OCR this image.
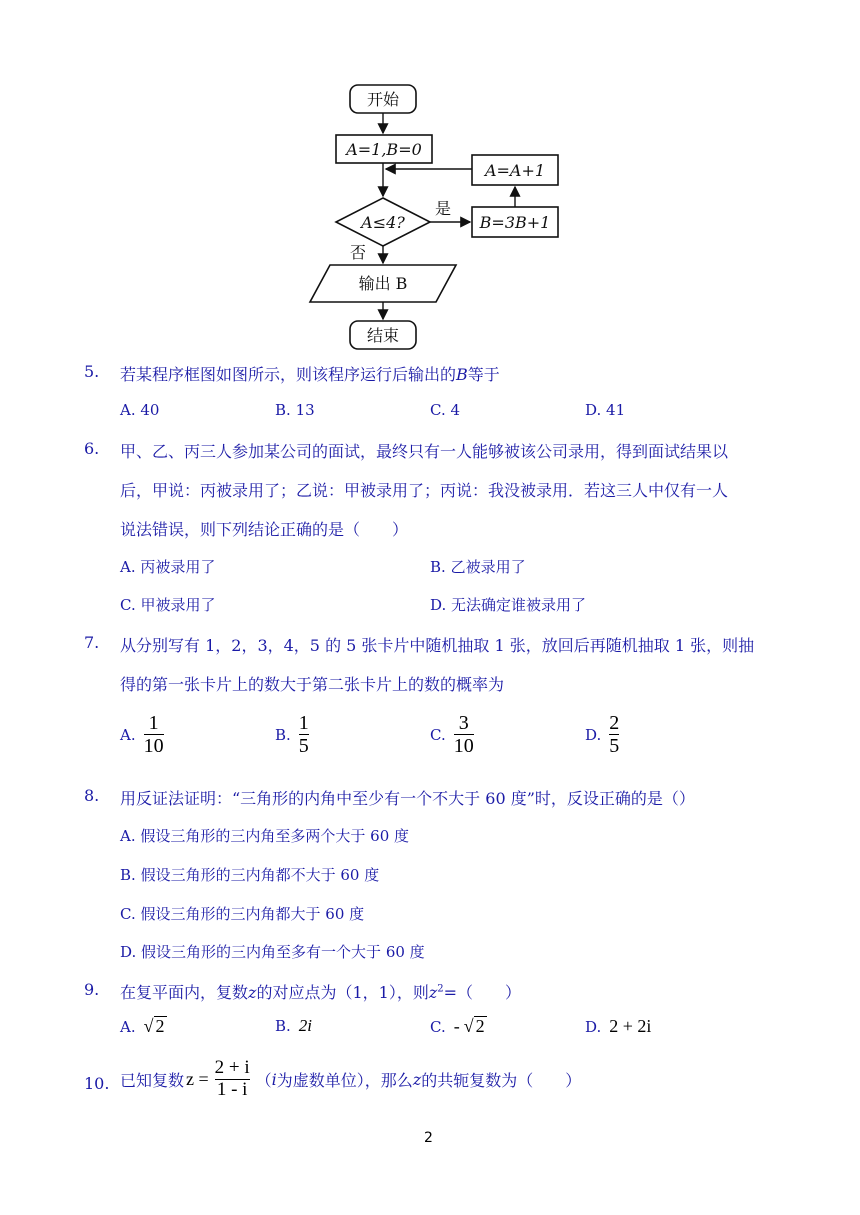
开始
A=1,B=0
A=A+1
A≤4?
是
B=3B+1
否
输出 B
结束
5. 若某程序框图如图所示，则该程序运行后输出的B等于
A. 40	B. 13	C. 4	D. 41
6. 甲、乙、丙三人参加某公司的面试，最终只有一人能够被该公司录用，得到面试结果以
后，甲说：丙被录用了；乙说：甲被录用了；丙说：我没被录用．若这三人中仅有一人
说法错误，则下列结论正确的是（　　）
A. 丙被录用了	B. 乙被录用了
C. 甲被录用了	D. 无法确定谁被录用了
7. 从分别写有 1，2，3，4，5 的 5 张卡片中随机抽取 1 张，放回后再随机抽取 1 张，则抽
得的第一张卡片上的数大于第二张卡片上的数的概率为
A. $\frac{1}{10}$	B. $\frac{1}{5}$	C. $\frac{3}{10}$	D. $\frac{2}{5}$
8. 用反证法证明：“三角形的内角中至少有一个不大于 60 度”时，反设正确的是（）
A. 假设三角形的三内角至多两个大于 60 度
B. 假设三角形的三内角都不大于 60 度
C. 假设三角形的三内角都大于 60 度
D. 假设三角形的三内角至多有一个大于 60 度
9. 在复平面内，复数z的对应点为（1，1），则$z^2=$（　　）
A. √ 2	B. 2i	C. - √ 2	D. 2 + 2i
10. 已知复数 $z = \frac{2 + i}{1 - i}$ （ i 为虚数单位），那么 z 的共轭复数为（　　）
2
